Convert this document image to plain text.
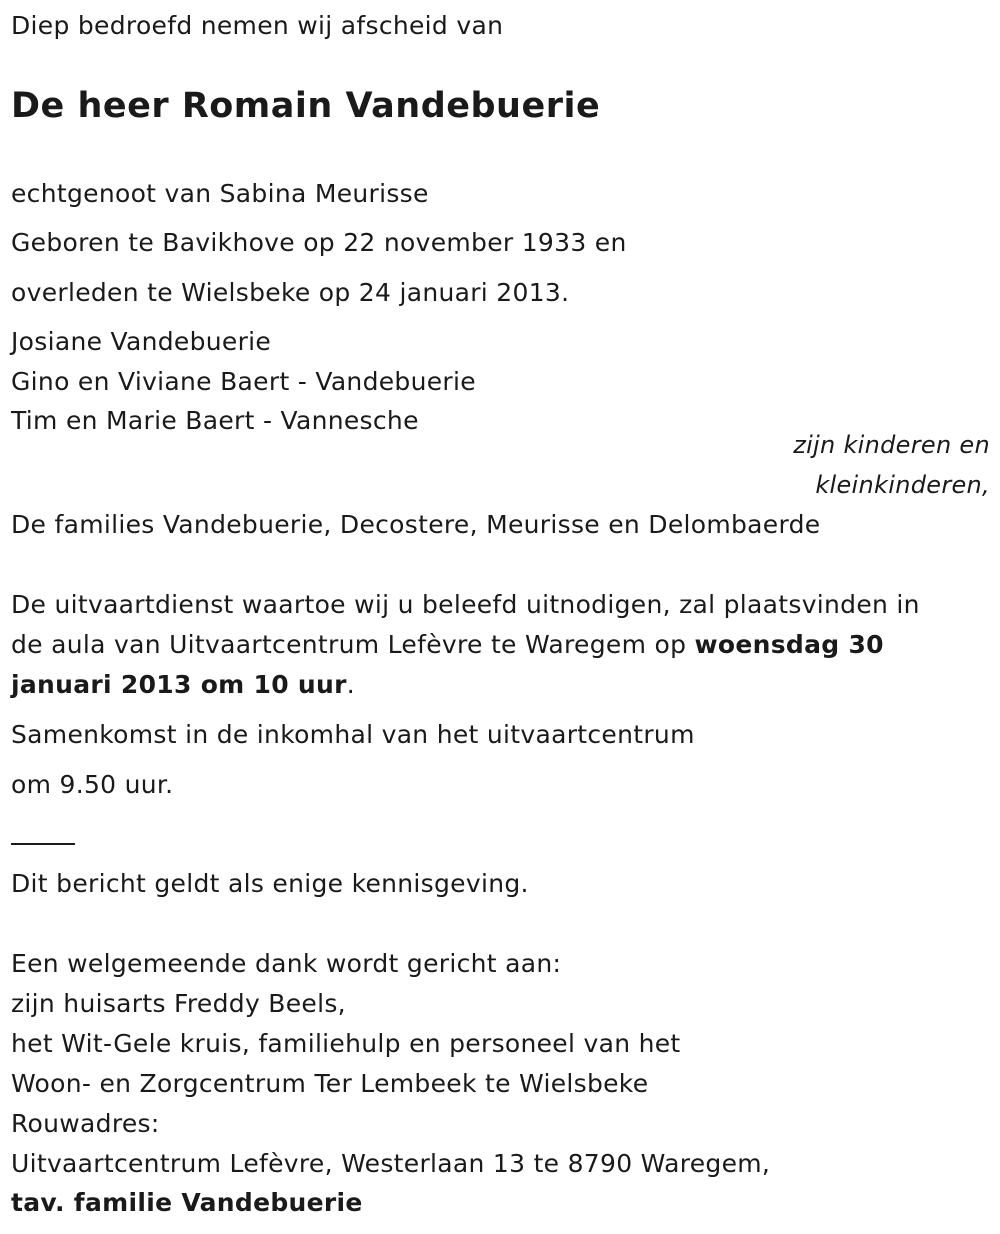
Diep bedroefd nemen wij afscheid van
De heer Romain Vandebuerie
echtgenoot van Sabina Meurisse
Geboren te Bavikhove op 22 november 1933 en
overleden te Wielsbeke op 24 januari 2013.
Josiane Vandebuerie
Gino en Viviane Baert - Vandebuerie
Tim en Marie Baert - Vannesche
zijn kinderen en
kleinkinderen,
De families Vandebuerie, Decostere, Meurisse en Delombaerde
De uitvaartdienst waartoe wij u beleefd uitnodigen, zal plaatsvinden in
de aula van Uitvaartcentrum Lefèvre te Waregem op woensdag 30
januari 2013 om 10 uur.
Samenkomst in de inkomhal van het uitvaartcentrum
om 9.50 uur.
Dit bericht geldt als enige kennisgeving.
Een welgemeende dank wordt gericht aan:
zijn huisarts Freddy Beels,
het Wit-Gele kruis, familiehulp en personeel van het
Woon- en Zorgcentrum Ter Lembeek te Wielsbeke
Rouwadres:
Uitvaartcentrum Lefèvre, Westerlaan 13 te 8790 Waregem,
tav. familie Vandebuerie
